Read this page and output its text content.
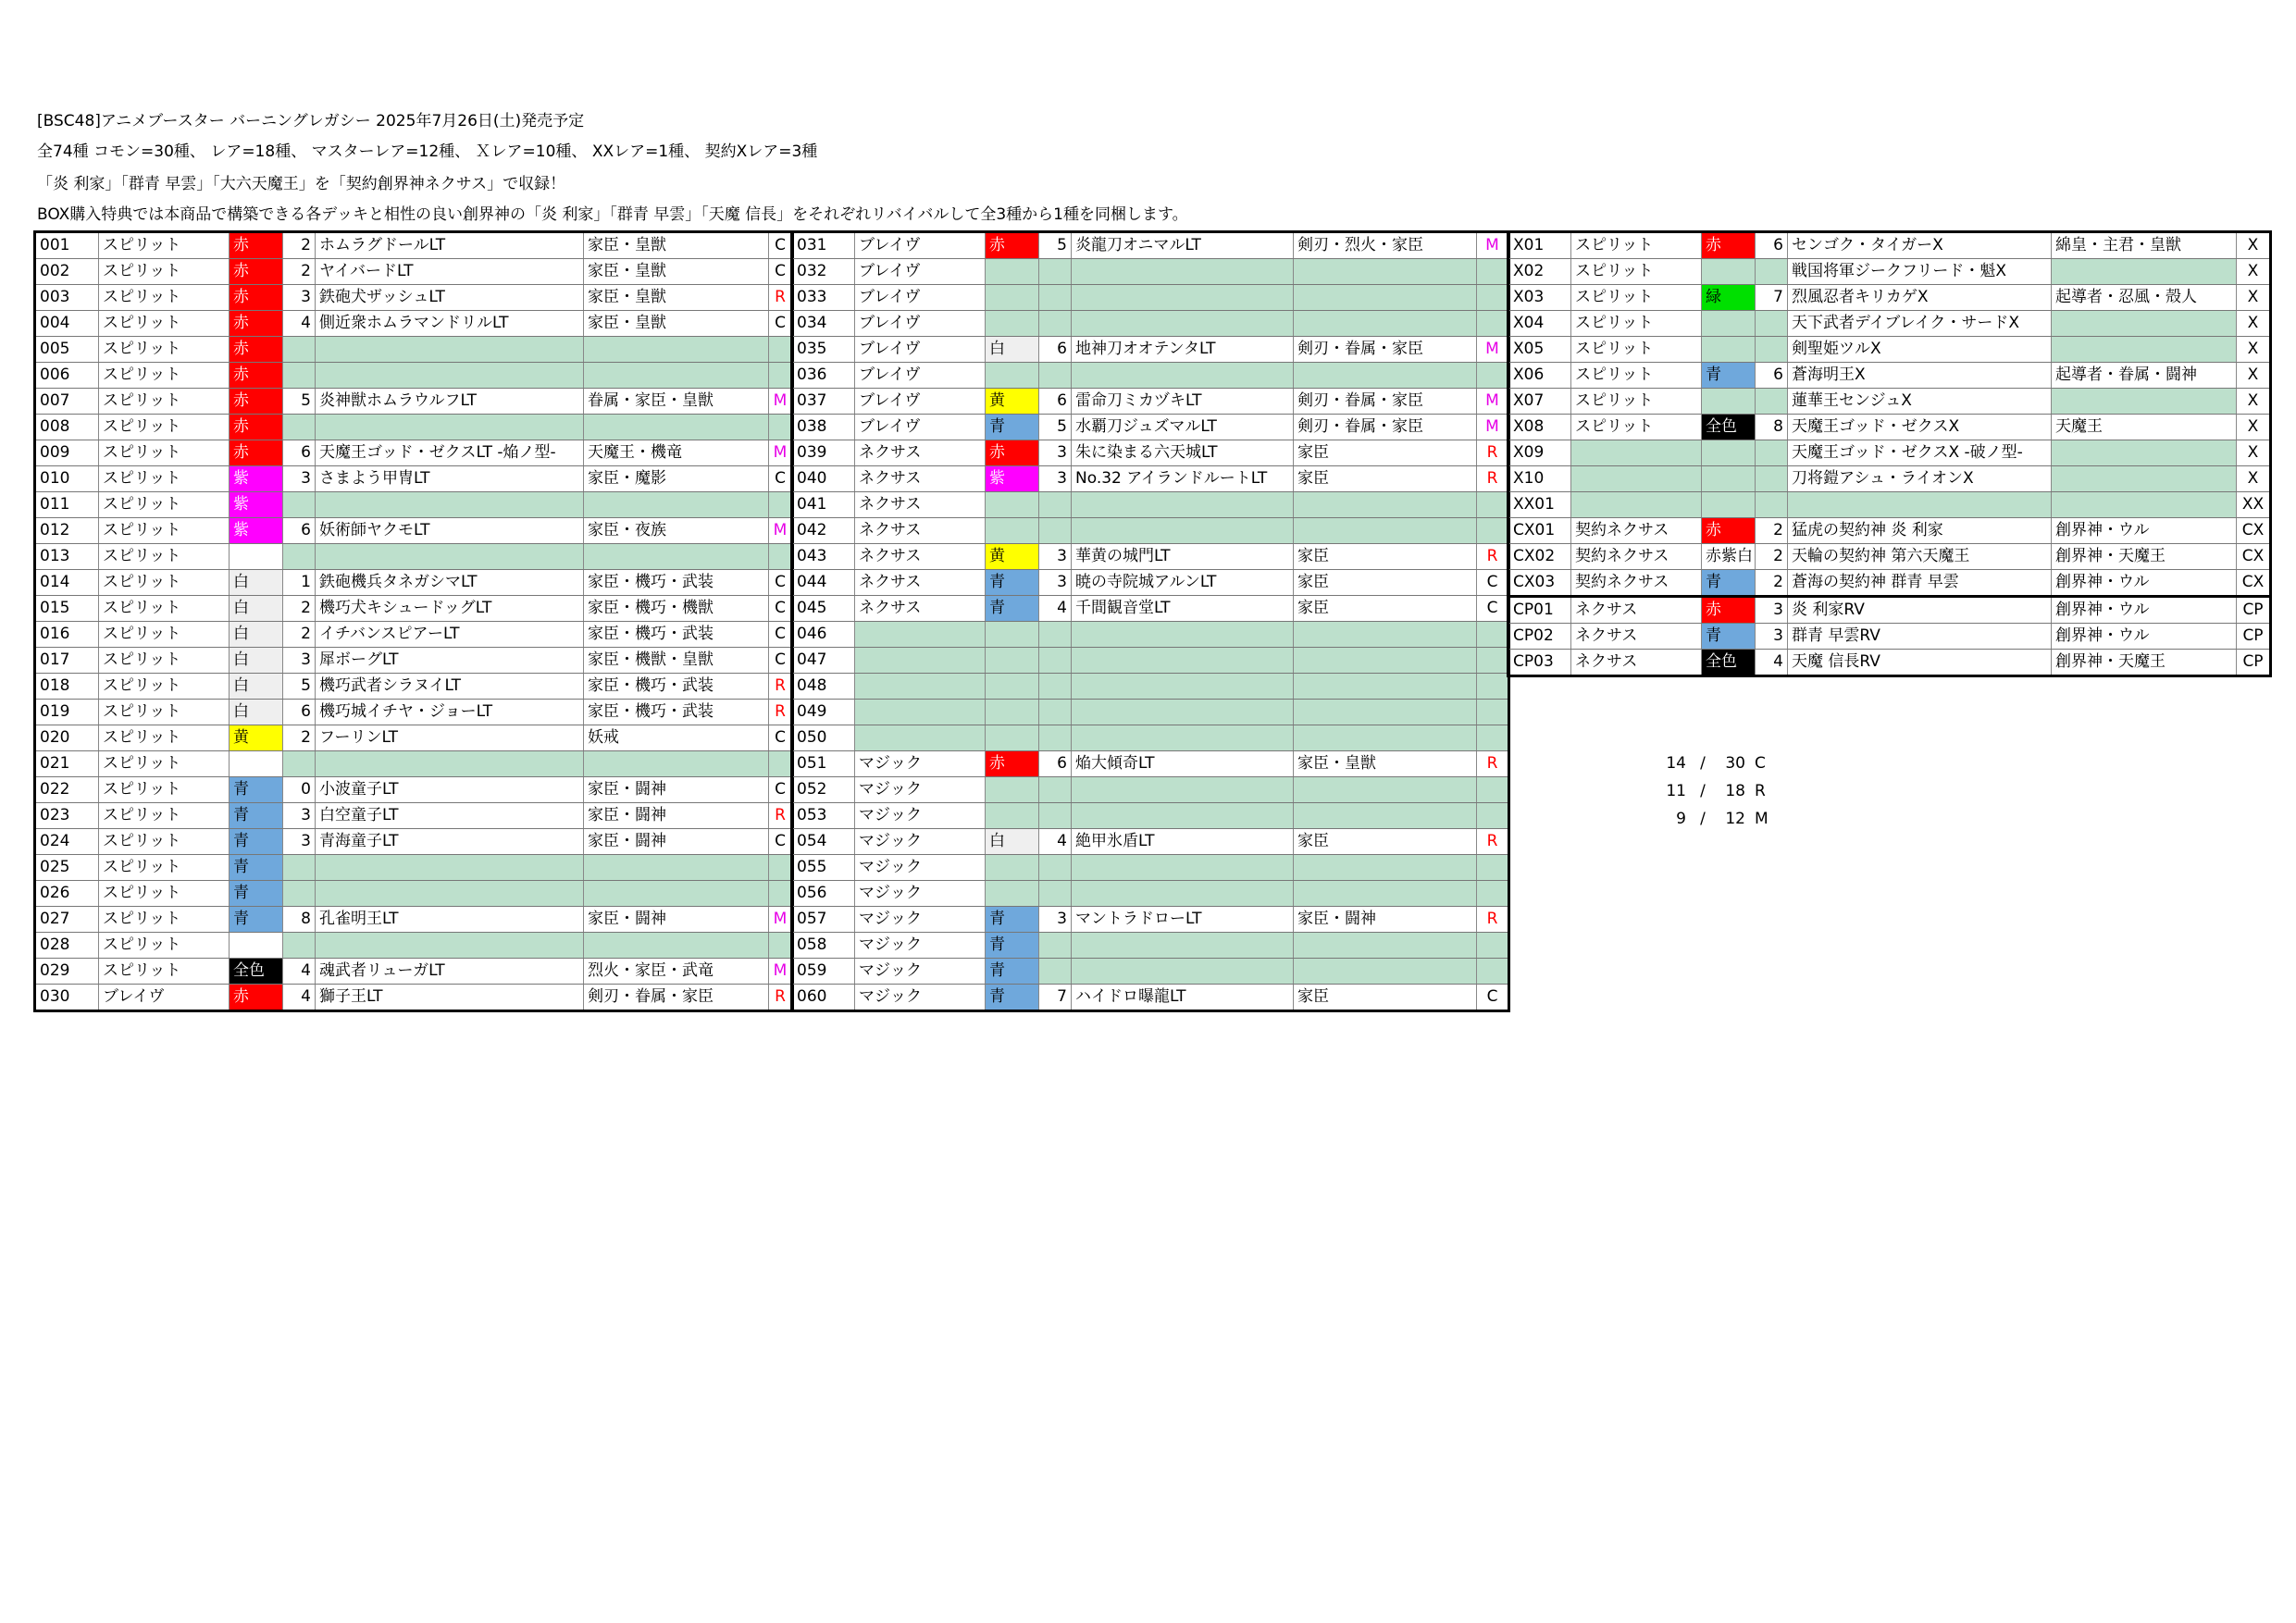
[BSC48]アニメブースター バーニングレガシー 2025年7月26日(土)発売予定
全74種 コモン=30種、 レア=18種、 マスターレア=12種、 Ｘレア=10種、 XXレア=1種、 契約Xレア=3種
「炎 利家」「群青 早雲」「大六天魔王」を「契約創界神ネクサス」で収録！
BOX購入特典では本商品で構築できる各デッキと相性の良い創界神の「炎 利家」「群青 早雲」「天魔 信長」をそれぞれリバイバルして全3種から1種を同梱します。
001	スピリット	赤	2	ホムラグドールLT	家臣・皇獣	C
002	スピリット	赤	2	ヤイバードLT	家臣・皇獣	C
003	スピリット	赤	3	鉄砲犬ザッシュLT	家臣・皇獣	R
004	スピリット	赤	4	側近衆ホムラマンドリルLT	家臣・皇獣	C
005	スピリット	赤				
006	スピリット	赤				
007	スピリット	赤	5	炎神獣ホムラウルフLT	眷属・家臣・皇獣	M
008	スピリット	赤				
009	スピリット	赤	6	天魔王ゴッド・ゼクスLT -焔ノ型-	天魔王・機竜	M
010	スピリット	紫	3	さまよう甲冑LT	家臣・魔影	C
011	スピリット	紫				
012	スピリット	紫	6	妖術師ヤクモLT	家臣・夜族	M
013	スピリット					
014	スピリット	白	1	鉄砲機兵タネガシマLT	家臣・機巧・武装	C
015	スピリット	白	2	機巧犬キシュードッグLT	家臣・機巧・機獣	C
016	スピリット	白	2	イチバンスピアーLT	家臣・機巧・武装	C
017	スピリット	白	3	犀ボーグLT	家臣・機獣・皇獣	C
018	スピリット	白	5	機巧武者シラヌイLT	家臣・機巧・武装	R
019	スピリット	白	6	機巧城イチヤ・ジョーLT	家臣・機巧・武装	R
020	スピリット	黄	2	フーリンLT	妖戒	C
021	スピリット					
022	スピリット	青	0	小波童子LT	家臣・闘神	C
023	スピリット	青	3	白空童子LT	家臣・闘神	R
024	スピリット	青	3	青海童子LT	家臣・闘神	C
025	スピリット	青				
026	スピリット	青				
027	スピリット	青	8	孔雀明王LT	家臣・闘神	M
028	スピリット					
029	スピリット	全色	4	魂武者リューガLT	烈火・家臣・武竜	M
030	ブレイヴ	赤	4	獅子王LT	剣刃・眷属・家臣	R
031	ブレイヴ	赤	5	炎龍刀オニマルLT	剣刃・烈火・家臣	M
032	ブレイヴ					
033	ブレイヴ					
034	ブレイヴ					
035	ブレイヴ	白	6	地神刀オオテンタLT	剣刃・眷属・家臣	M
036	ブレイヴ					
037	ブレイヴ	黄	6	雷命刀ミカヅキLT	剣刃・眷属・家臣	M
038	ブレイヴ	青	5	水覇刀ジュズマルLT	剣刃・眷属・家臣	M
039	ネクサス	赤	3	朱に染まる六天城LT	家臣	R
040	ネクサス	紫	3	No.32 アイランドルートLT	家臣	R
041	ネクサス					
042	ネクサス					
043	ネクサス	黄	3	華黄の城門LT	家臣	R
044	ネクサス	青	3	暁の寺院城アルンLT	家臣	C
045	ネクサス	青	4	千間観音堂LT	家臣	C
046						
047						
048						
049						
050						
051	マジック	赤	6	焔大傾奇LT	家臣・皇獣	R
052	マジック					
053	マジック					
054	マジック	白	4	絶甲氷盾LT	家臣	R
055	マジック					
056	マジック					
057	マジック	青	3	マントラドローLT	家臣・闘神	R
058	マジック	青				
059	マジック	青				
060	マジック	青	7	ハイドロ曝龍LT	家臣	C
X01	スピリット	赤	6	センゴク・タイガーX	綿皇・主君・皇獣	X
X02	スピリット			戦国将軍ジークフリード・魁X		X
X03	スピリット	緑	7	烈風忍者キリカゲX	起導者・忍風・殻人	X
X04	スピリット			天下武者デイブレイク・サードX		X
X05	スピリット			剣聖姫ツルX		X
X06	スピリット	青	6	蒼海明王X	起導者・眷属・闘神	X
X07	スピリット			蓮華王センジュX		X
X08	スピリット	全色	8	天魔王ゴッド・ゼクスX	天魔王	X
X09				天魔王ゴッド・ゼクスX -破ノ型-		X
X10				刀将鎧アシュ・ライオンX		X
XX01						XX
CX01	契約ネクサス	赤	2	猛虎の契約神 炎 利家	創界神・ウル	CX
CX02	契約ネクサス	赤紫白	2	天輪の契約神 第六天魔王	創界神・天魔王	CX
CX03	契約ネクサス	青	2	蒼海の契約神 群青 早雲	創界神・ウル	CX
CP01	ネクサス	赤	3	炎 利家RV	創界神・ウル	CP
CP02	ネクサス	青	3	群青 早雲RV	創界神・ウル	CP
CP03	ネクサス	全色	4	天魔 信長RV	創界神・天魔王	CP
14/30 C
11/18 R
9/12 M
